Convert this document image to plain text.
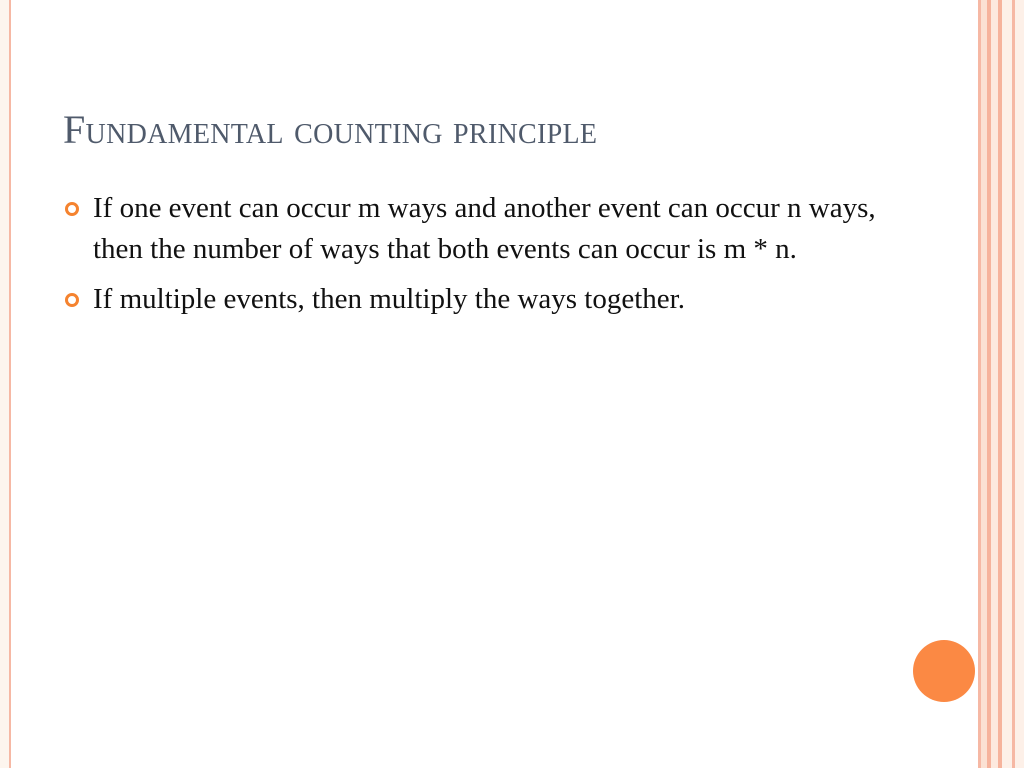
Fundamental counting principle
If one event can occur m ways and another event can occur n ways, then the number of ways that both events can occur is m * n.
If multiple events, then multiply the ways together.
